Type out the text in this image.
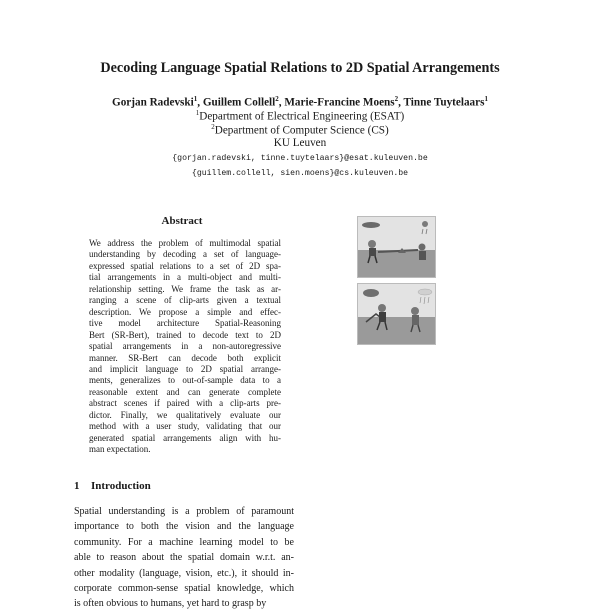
Decoding Language Spatial Relations to 2D Spatial Arrangements
Gorjan Radevski$^1$, Guillem Collell$^2$, Marie-Francine Moens$^2$, Tinne Tuytelaars$^1$
$^1$Department of Electrical Engineering (ESAT)
$^2$Department of Computer Science (CS)
KU Leuven
{gorjan.radevski, tinne.tuytelaars}@esat.kuleuven.be
{guillem.collell, sien.moens}@cs.kuleuven.be
Abstract
We address the problem of multimodal spatial
understanding by decoding a set of language-
expressed spatial relations to a set of 2D spa-
tial arrangements in a multi-object and multi-
relationship setting. We frame the task as ar-
ranging a scene of clip-arts given a textual
description. We propose a simple and effec-
tive model architecture Spatial-Reasoning
Bert (SR-Bert), trained to decode text to 2D
spatial arrangements in a non-autoregressive
manner. SR-Bert can decode both explicit
and implicit language to 2D spatial arrange-
ments, generalizes to out-of-sample data to a
reasonable extent and can generate complete
abstract scenes if paired with a clip-arts pre-
dictor. Finally, we qualitatively evaluate our
method with a user study, validating that our
generated spatial arrangements align with hu-
man expectation.
1 Introduction
Spatial understanding is a problem of paramount
importance to both the vision and the language
community. For a machine learning model to be
able to reason about the spatial domain w.r.t. an-
other modality (language, vision, etc.), it should in-
corporate common-sense spatial knowledge, which
is often obvious to humans, yet hard to grasp by
